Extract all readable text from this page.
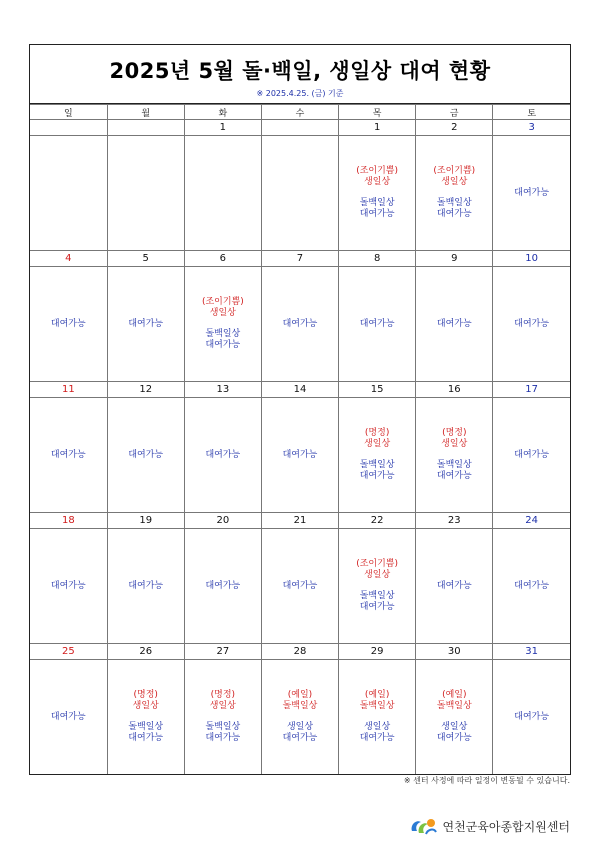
2025년 5월 돌·백일, 생일상 대여 현황
※ 2025.4.25. (금) 기준
일	월	화	수	목	금	토
		1		1	2	3

				(조이기쁨)
생일상
돌백일상
대여가능	(조이기쁨)
생일상
돌백일상
대여가능	대여가능

4	5	6	7	8	9	10

대여가능	대여가능	(조이기쁨)
생일상
돌백일상
대여가능	대여가능	대여가능	대여가능	대여가능

11	12	13	14	15	16	17

대여가능	대여가능	대여가능	대여가능	(명정)
생일상
돌백일상
대여가능	(명정)
생일상
돌백일상
대여가능	대여가능

18	19	20	21	22	23	24

대여가능	대여가능	대여가능	대여가능	(조이기쁨)
생일상
돌백일상
대여가능	대여가능	대여가능

25	26	27	28	29	30	31

대여가능	(명정)
생일상
돌백일상
대여가능	(명정)
생일상
돌백일상
대여가능	(예일)
돌백일상
생일상
대여가능	(예일)
돌백일상
생일상
대여가능	(예일)
돌백일상
생일상
대여가능	대여가능
※ 센터 사정에 따라 일정이 변동될 수 있습니다.
연천군육아종합지원센터
